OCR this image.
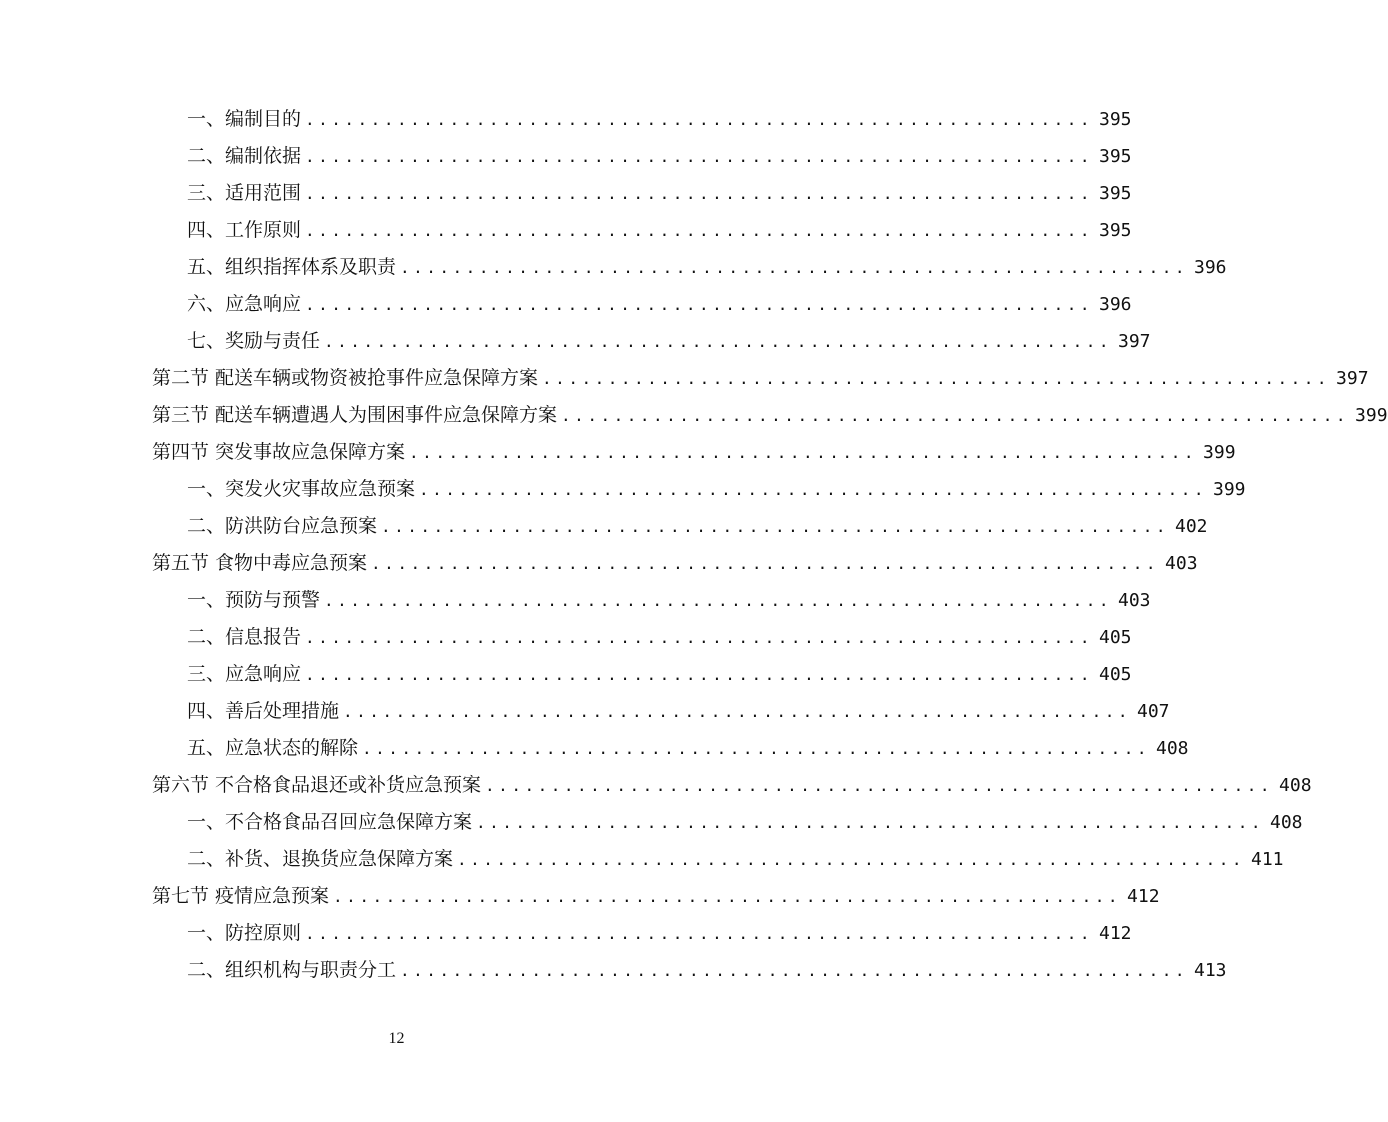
一、编制目的 ............................................................ 395
二、编制依据 ............................................................ 395
三、适用范围 ............................................................ 395
四、工作原则 ............................................................ 395
五、组织指挥体系及职责 ............................................................ 396
六、应急响应 ............................................................ 396
七、奖励与责任 ............................................................ 397
第二节 配送车辆或物资被抢事件应急保障方案 ............................................................ 397
第三节 配送车辆遭遇人为围困事件应急保障方案 ............................................................ 399
第四节 突发事故应急保障方案 ............................................................ 399
一、突发火灾事故应急预案 ............................................................ 399
二、防洪防台应急预案 ............................................................ 402
第五节 食物中毒应急预案 ............................................................ 403
一、预防与预警 ............................................................ 403
二、信息报告 ............................................................ 405
三、应急响应 ............................................................ 405
四、善后处理措施 ............................................................ 407
五、应急状态的解除 ............................................................ 408
第六节 不合格食品退还或补货应急预案 ............................................................ 408
一、不合格食品召回应急保障方案 ............................................................ 408
二、补货、退换货应急保障方案 ............................................................ 411
第七节 疫情应急预案 ............................................................ 412
一、防控原则 ............................................................ 412
二、组织机构与职责分工 ............................................................ 413
12
